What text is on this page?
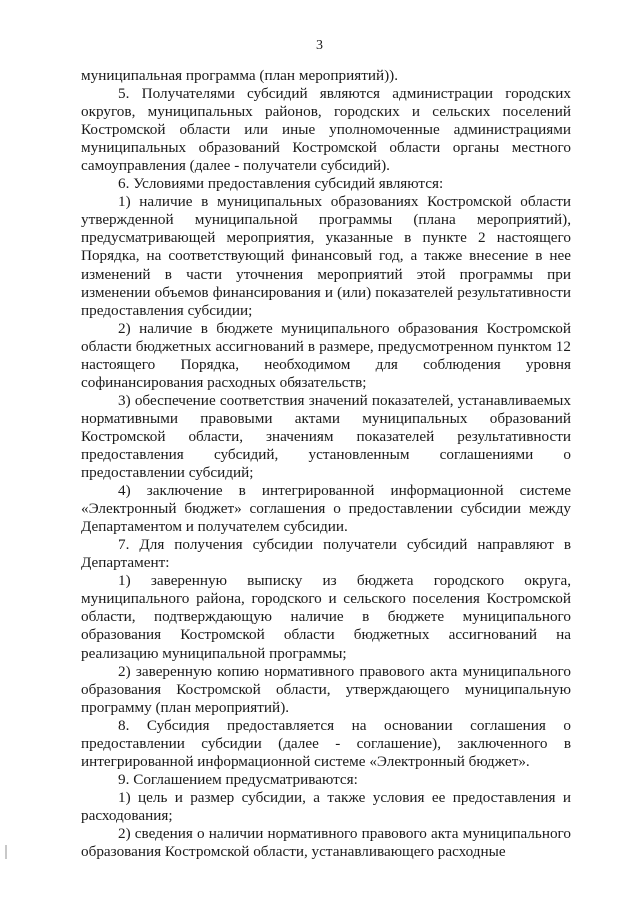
3

муниципальная программа (план мероприятий)).

5. Получателями субсидий являются администрации городских округов, муниципальных районов, городских и сельских поселений Костромской области или иные уполномоченные администрациями муниципальных образований Костромской области органы местного самоуправления (далее - получатели субсидий).

6. Условиями предоставления субсидий являются:

1) наличие в муниципальных образованиях Костромской области утвержденной муниципальной программы (плана мероприятий), предусматривающей мероприятия, указанные в пункте 2 настоящего Порядка, на соответствующий финансовый год, а также внесение в нее изменений в части уточнения мероприятий этой программы при изменении объемов финансирования и (или) показателей результативности предоставления субсидии;

2) наличие в бюджете муниципального образования Костромской области бюджетных ассигнований в размере, предусмотренном пунктом 12 настоящего Порядка, необходимом для соблюдения уровня софинансирования расходных обязательств;

3) обеспечение соответствия значений показателей, устанавливаемых нормативными правовыми актами муниципальных образований Костромской области, значениям показателей результативности предоставления субсидий, установленным соглашениями о предоставлении субсидий;

4) заключение в интегрированной информационной системе «Электронный бюджет» соглашения о предоставлении субсидии между Департаментом и получателем субсидии.

7. Для получения субсидии получатели субсидий направляют в Департамент:

1) заверенную выписку из бюджета городского округа, муниципального района, городского и сельского поселения Костромской области, подтверждающую наличие в бюджете муниципального образования Костромской области бюджетных ассигнований на реализацию муниципальной программы;

2) заверенную копию нормативного правового акта муниципального образования Костромской области, утверждающего муниципальную программу (план мероприятий).

8. Субсидия предоставляется на основании соглашения о предоставлении субсидии (далее - соглашение), заключенного в интегрированной информационной системе «Электронный бюджет».

9. Соглашением предусматриваются:

1) цель и размер субсидии, а также условия ее предоставления и расходования;

2) сведения о наличии нормативного правового акта муниципального образования Костромской области, устанавливающего расходные
